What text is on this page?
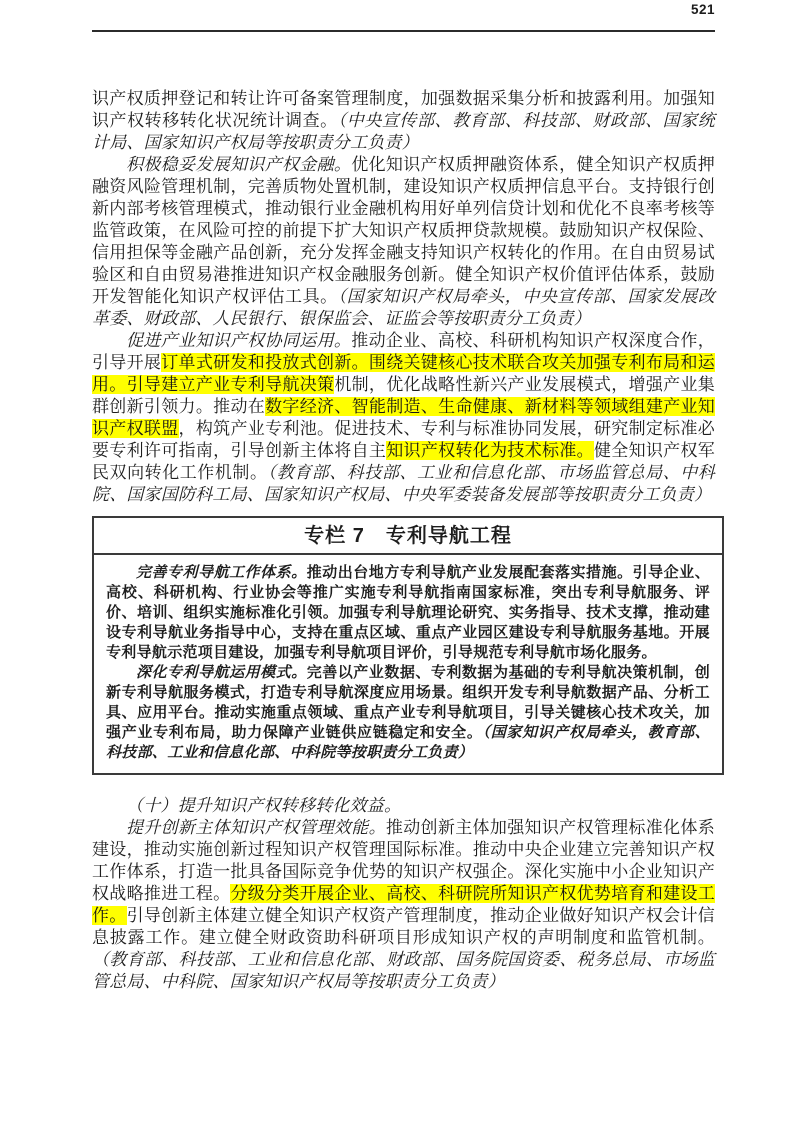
521

识产权质押登记和转让许可备案管理制度，加强数据采集分析和披露利用。加强知识产权转移转化状况统计调查。（中央宣传部、教育部、科技部、财政部、国家统计局、国家知识产权局等按职责分工负责）

积极稳妥发展知识产权金融。优化知识产权质押融资体系，健全知识产权质押融资风险管理机制，完善质物处置机制，建设知识产权质押信息平台。支持银行创新内部考核管理模式，推动银行业金融机构用好单列信贷计划和优化不良率考核等监管政策，在风险可控的前提下扩大知识产权质押贷款规模。鼓励知识产权保险、信用担保等金融产品创新，充分发挥金融支持知识产权转化的作用。在自由贸易试验区和自由贸易港推进知识产权金融服务创新。健全知识产权价值评估体系，鼓励开发智能化知识产权评估工具。（国家知识产权局牵头，中央宣传部、国家发展改革委、财政部、人民银行、银保监会、证监会等按职责分工负责）

促进产业知识产权协同运用。推动企业、高校、科研机构知识产权深度合作，引导开展订单式研发和投放式创新。围绕关键核心技术联合攻关加强专利布局和运用。引导建立产业专利导航决策机制，优化战略性新兴产业发展模式，增强产业集群创新引领力。推动在数字经济、智能制造、生命健康、新材料等领域组建产业知识产权联盟，构筑产业专利池。促进技术、专利与标准协同发展，研究制定标准必要专利许可指南，引导创新主体将自主知识产权转化为技术标准。健全知识产权军民双向转化工作机制。（教育部、科技部、工业和信息化部、市场监管总局、中科院、国家国防科工局、国家知识产权局、中央军委装备发展部等按职责分工负责）

专栏 7　专利导航工程

完善专利导航工作体系。推动出台地方专利导航产业发展配套落实措施。引导企业、高校、科研机构、行业协会等推广实施专利导航指南国家标准，突出专利导航服务、评价、培训、组织实施标准化引领。加强专利导航理论研究、实务指导、技术支撑，推动建设专利导航业务指导中心，支持在重点区域、重点产业园区建设专利导航服务基地。开展专利导航示范项目建设，加强专利导航项目评价，引导规范专利导航市场化服务。

深化专利导航运用模式。完善以产业数据、专利数据为基础的专利导航决策机制，创新专利导航服务模式，打造专利导航深度应用场景。组织开发专利导航数据产品、分析工具、应用平台。推动实施重点领域、重点产业专利导航项目，引导关键核心技术攻关，加强产业专利布局，助力保障产业链供应链稳定和安全。（国家知识产权局牵头，教育部、科技部、工业和信息化部、中科院等按职责分工负责）

（十）提升知识产权转移转化效益。

提升创新主体知识产权管理效能。推动创新主体加强知识产权管理标准化体系建设，推动实施创新过程知识产权管理国际标准。推动中央企业建立完善知识产权工作体系，打造一批具备国际竞争优势的知识产权强企。深化实施中小企业知识产权战略推进工程。分级分类开展企业、高校、科研院所知识产权优势培育和建设工作。引导创新主体建立健全知识产权资产管理制度，推动企业做好知识产权会计信息披露工作。建立健全财政资助科研项目形成知识产权的声明制度和监管机制。（教育部、科技部、工业和信息化部、财政部、国务院国资委、税务总局、市场监管总局、中科院、国家知识产权局等按职责分工负责）
